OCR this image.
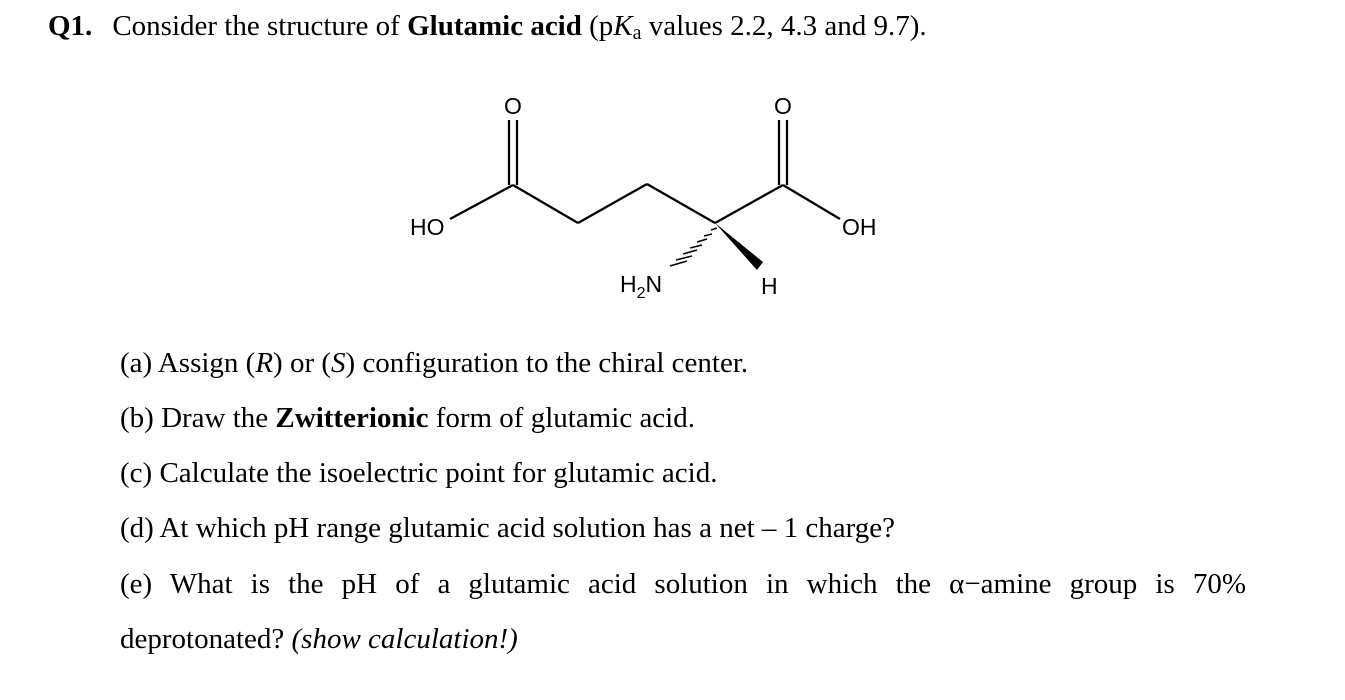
Q1. Consider the structure of Glutamic acid (pKa values 2.2, 4.3 and 9.7).
O	O
HO	OH
$H_2N$	H
(a) Assign (R) or (S) configuration to the chiral center.
(b) Draw the Zwitterionic form of glutamic acid.
(c) Calculate the isoelectric point for glutamic acid.
(d) At which pH range glutamic acid solution has a net – 1 charge?
(e) What is the pH of a glutamic acid solution in which the α−amine group is 70%
deprotonated? (show calculation!)
